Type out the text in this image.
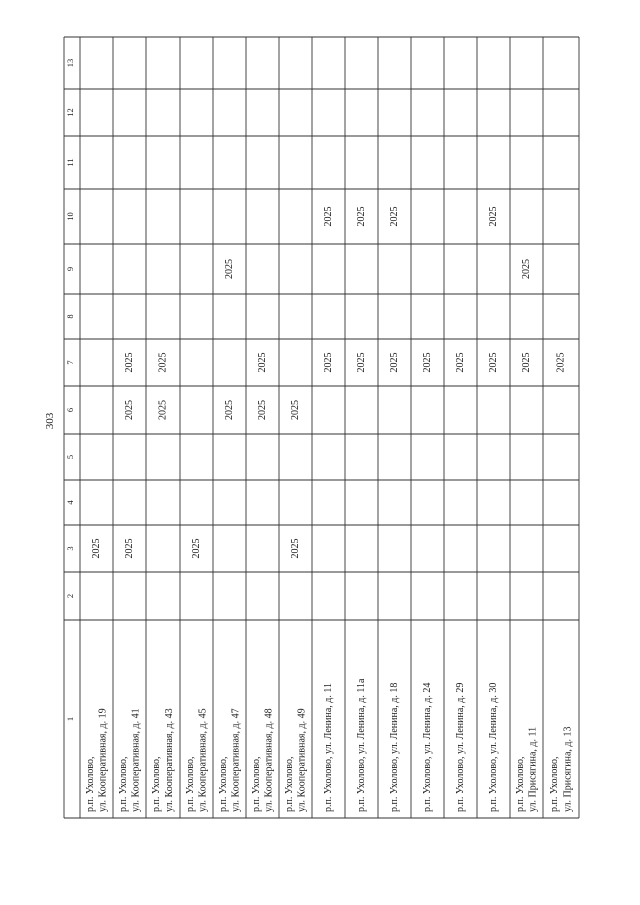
303
1
2
3
4
5
6
7
8
9
10
11
12
13
р.п. Ухолово, ул. Кооперативная, д. 19
2025
р.п. Ухолово, ул. Кооперативная, д. 41
2025
2025
2025
р.п. Ухолово, ул. Кооперативная, д. 43
2025
2025
р.п. Ухолово, ул. Кооперативная, д. 45
2025
р.п. Ухолово, ул. Кооперативная, д. 47
2025
2025
р.п. Ухолово, ул. Кооперативная, д. 48
2025
2025
р.п. Ухолово, ул. Кооперативная, д. 49
2025
2025
р.п. Ухолово, ул. Ленина, д. 11
2025
2025
р.п. Ухолово, ул. Ленина, д. 11а
2025
2025
р.п. Ухолово, ул. Ленина, д. 18
2025
2025
р.п. Ухолово, ул. Ленина, д. 24
2025
р.п. Ухолово, ул. Ленина, д. 29
2025
р.п. Ухолово, ул. Ленина, д. 30
2025
2025
р.п. Ухолово, ул. Присягина, д. 11
2025
2025
р.п. Ухолово, ул. Присягина, д. 13
2025
